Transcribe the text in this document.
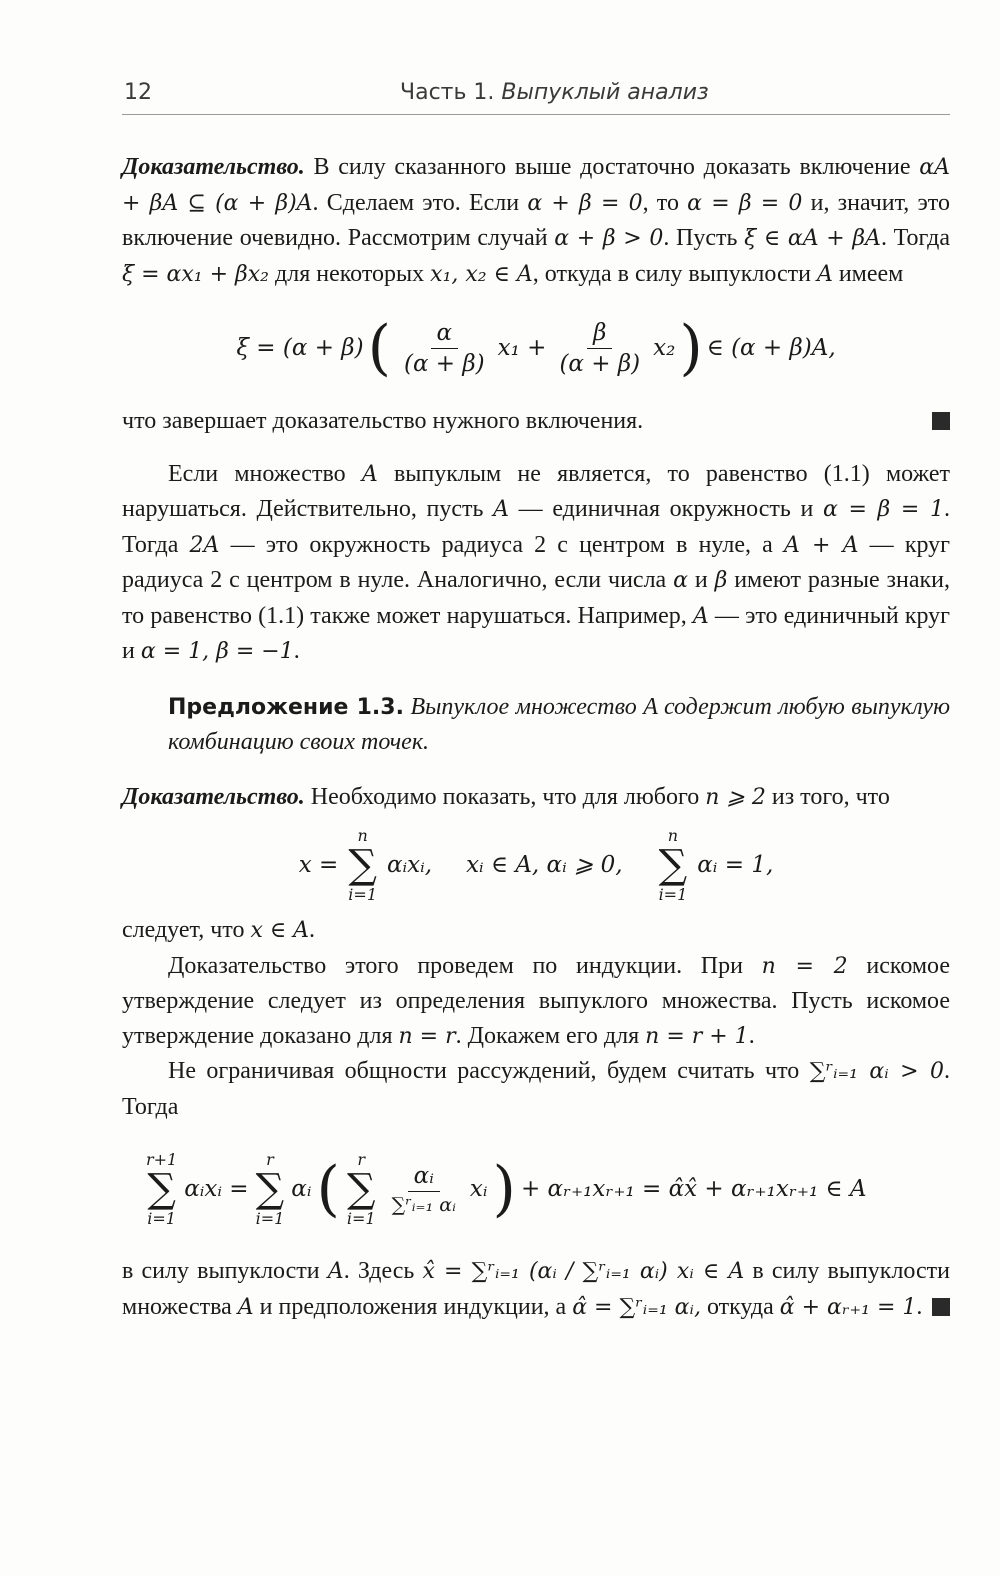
12	Часть 1. Выпуклый анализ

Доказательство. В силу сказанного выше достаточно доказать включение αA + βA ⊆ (α + β)A. Сделаем это. Если α + β = 0, то α = β = 0 и, значит, это включение очевидно. Рассмотрим случай α + β > 0. Пусть ξ ∈ αA + βA. Тогда ξ = αx₁ + βx₂ для некоторых x₁, x₂ ∈ A, откуда в силу выпуклости A имеем

ξ = (α + β) ( $\frac{\alpha}{(\alpha + \beta)} x_1 + \frac{\beta}{(\alpha + \beta)} x_2$ ) ∈ (α + β)A,

что завершает доказательство нужного включения.

Если множество A выпуклым не является, то равенство (1.1) может нарушаться. Действительно, пусть A — единичная окружность и α = β = 1. Тогда 2A — это окружность радиуса 2 с центром в нуле, а A + A — круг радиуса 2 с центром в нуле. Аналогично, если числа α и β имеют разные знаки, то равенство (1.1) также может нарушаться. Например, A — это единичный круг и α = 1, β = −1.

Предложение 1.3. Выпуклое множество A содержит любую выпуклую комбинацию своих точек.

Доказательство. Необходимо показать, что для любого n ⩾ 2 из того, что

x =
n
∑
i=1
αᵢxᵢ, xᵢ ∈ A, αᵢ ⩾ 0,
n
∑
i=1
αᵢ = 1,

следует, что x ∈ A.

Доказательство этого проведем по индукции. При n = 2 искомое утверждение следует из определения выпуклого множества. Пусть искомое утверждение доказано для n = r. Докажем его для n = r + 1.

Не ограничивая общности рассуждений, будем считать что ∑ʳᵢ₌₁ αᵢ > 0. Тогда

r+1
∑
i=1
αᵢxᵢ =
r
∑
i=1
αᵢ ( r
∑
i=1
$\frac{\text{αᵢ}}{\text{∑ʳᵢ₌₁ αᵢ}}$ xᵢ ) + αᵣ₊₁xᵣ₊₁ = α̂x̂ + αᵣ₊₁xᵣ₊₁ ∈ A

в силу выпуклости A. Здесь x̂ = ∑ʳᵢ₌₁ (αᵢ / ∑ʳᵢ₌₁ αᵢ) xᵢ ∈ A в силу выпуклости множества A и предположения индукции, а α̂ = ∑ʳᵢ₌₁ αᵢ, откуда α̂ + αᵣ₊₁ = 1.
